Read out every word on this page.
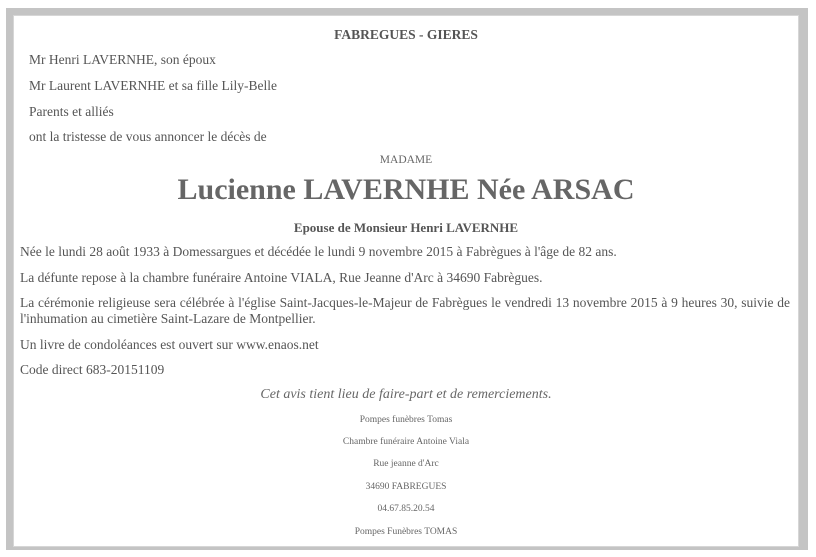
FABREGUES - GIERES
Mr Henri LAVERNHE, son époux
Mr Laurent LAVERNHE et sa fille Lily-Belle
Parents et alliés
ont la tristesse de vous annoncer le décès de
MADAME
Lucienne LAVERNHE Née ARSAC
Epouse de Monsieur Henri LAVERNHE
Née le lundi 28 août 1933 à Domessargues et décédée le lundi 9 novembre 2015 à Fabrègues à l'âge de 82 ans.
La défunte repose à la chambre funéraire Antoine VIALA, Rue Jeanne d'Arc à 34690 Fabrègues.
La cérémonie religieuse sera célébrée à l'église Saint-Jacques-le-Majeur de Fabrègues le vendredi 13 novembre 2015 à 9 heures 30, suivie de l'inhumation au cimetière Saint-Lazare de Montpellier.
Un livre de condoléances est ouvert sur www.enaos.net
Code direct 683-20151109
Cet avis tient lieu de faire-part et de remerciements.
Pompes funèbres Tomas
Chambre funéraire Antoine Viala
Rue jeanne d'Arc
34690 FABREGUES
04.67.85.20.54
Pompes Funèbres TOMAS
